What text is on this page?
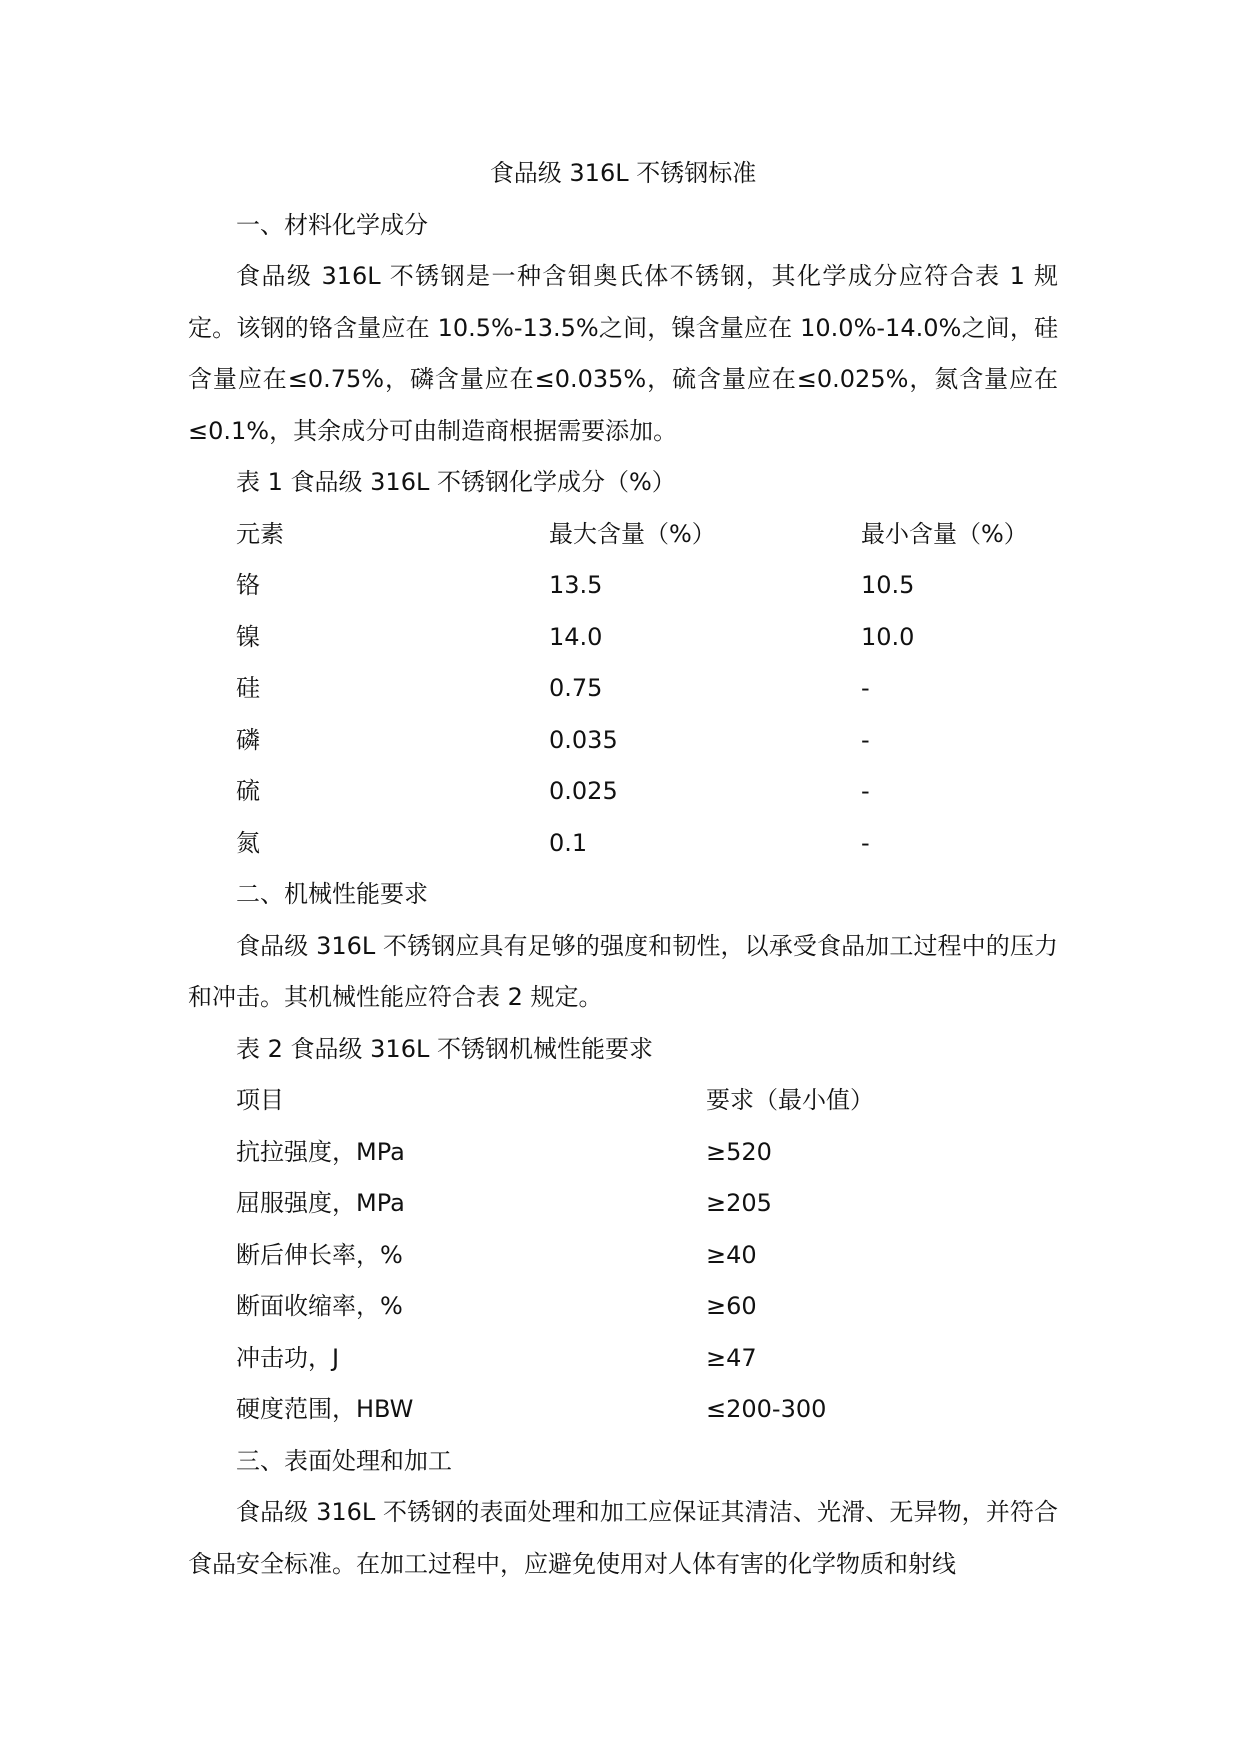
食品级 316L 不锈钢标准
一、材料化学成分

食品级 316L 不锈钢是一种含钼奥氏体不锈钢，其化学成分应符合表 1 规定。该钢的铬含量应在 10.5%-13.5%之间，镍含量应在 10.0%-14.0%之间，硅含量应在≤0.75%，磷含量应在≤0.035%，硫含量应在≤0.025%，氮含量应在≤0.1%，其余成分可由制造商根据需要添加。

表 1 食品级 316L 不锈钢化学成分（%）
元素	最大含量（%）	最小含量（%）
铬	13.5	10.5
镍	14.0	10.0
硅	0.75	-
磷	0.035	-
硫	0.025	-
氮	0.1	-
二、机械性能要求

食品级 316L 不锈钢应具有足够的强度和韧性，以承受食品加工过程中的压力和冲击。其机械性能应符合表 2 规定。

表 2 食品级 316L 不锈钢机械性能要求
项目	要求（最小值）
抗拉强度，MPa	≥520
屈服强度，MPa	≥205
断后伸长率，%	≥40
断面收缩率，%	≥60
冲击功，J	≥47
硬度范围，HBW	≤200-300
三、表面处理和加工

食品级 316L 不锈钢的表面处理和加工应保证其清洁、光滑、无异物，并符合食品安全标准。在加工过程中，应避免使用对人体有害的化学物质和射线
